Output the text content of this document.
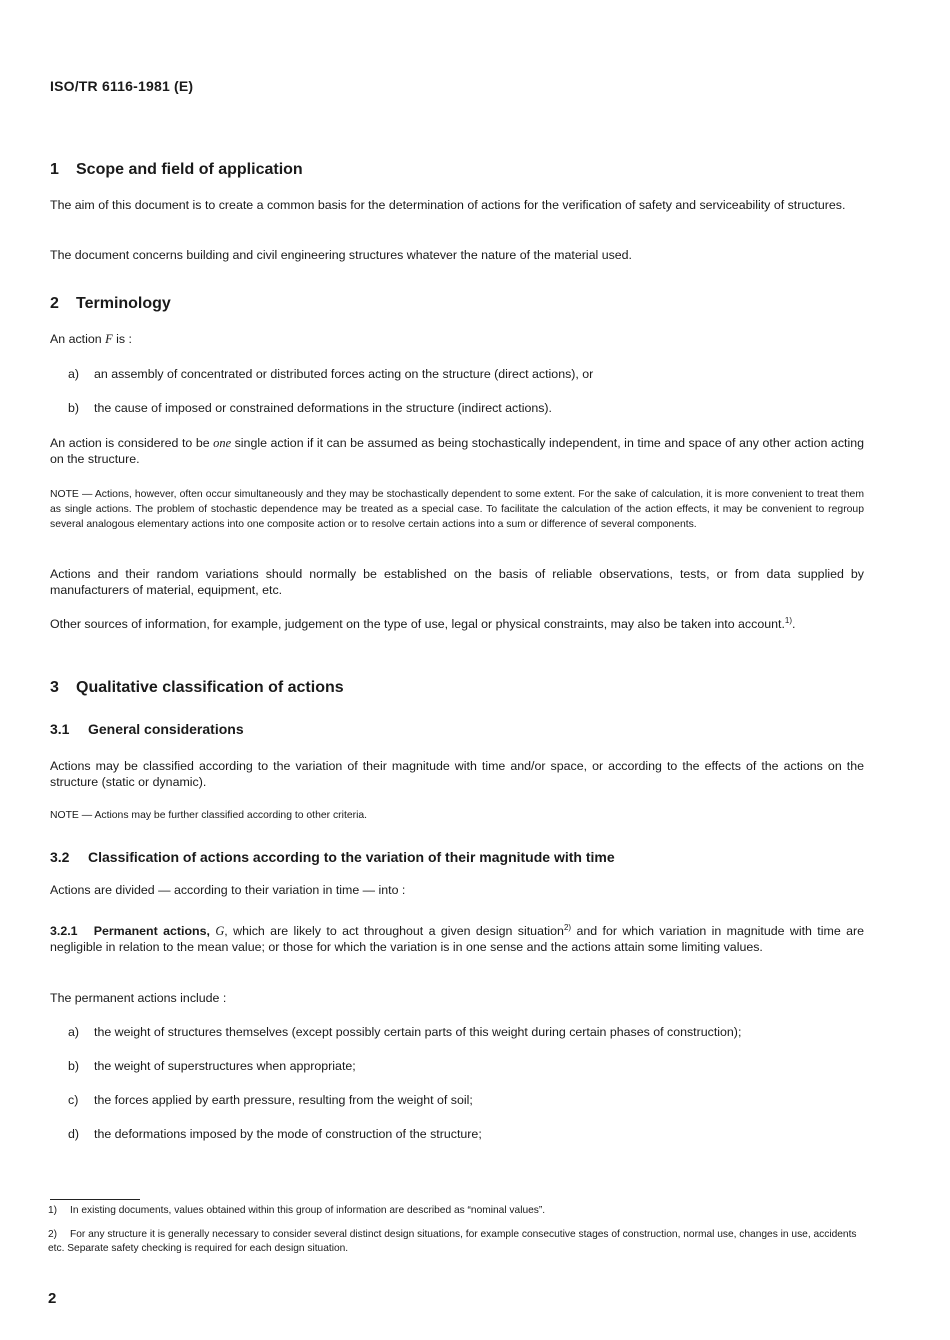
ISO/TR 6116-1981 (E)
1 Scope and field of application
The aim of this document is to create a common basis for the determination of actions for the verification of safety and serviceability of structures.
The document concerns building and civil engineering structures whatever the nature of the material used.
2 Terminology
An action F is :
a) an assembly of concentrated or distributed forces acting on the structure (direct actions), or
b) the cause of imposed or constrained deformations in the structure (indirect actions).
An action is considered to be one single action if it can be assumed as being stochastically independent, in time and space of any other action acting on the structure.
NOTE — Actions, however, often occur simultaneously and they may be stochastically dependent to some extent. For the sake of calculation, it is more convenient to treat them as single actions. The problem of stochastic dependence may be treated as a special case. To facilitate the calculation of the action effects, it may be convenient to regroup several analogous elementary actions into one composite action or to resolve certain actions into a sum or difference of several components.
Actions and their random variations should normally be established on the basis of reliable observations, tests, or from data supplied by manufacturers of material, equipment, etc.
Other sources of information, for example, judgement on the type of use, legal or physical constraints, may also be taken into account.$^{1)}$.
3 Qualitative classification of actions
3.1 General considerations
Actions may be classified according to the variation of their magnitude with time and/or space, or according to the effects of the actions on the structure (static or dynamic).
NOTE — Actions may be further classified according to other criteria.
3.2 Classification of actions according to the variation of their magnitude with time
Actions are divided — according to their variation in time — into :
3.2.1 Permanent actions, G, which are likely to act throughout a given design situation$^{2)}$ and for which variation in magnitude with time are negligible in relation to the mean value; or those for which the variation is in one sense and the actions attain some limiting values.
The permanent actions include :
a) the weight of structures themselves (except possibly certain parts of this weight during certain phases of construction);
b) the weight of superstructures when appropriate;
c) the forces applied by earth pressure, resulting from the weight of soil;
d) the deformations imposed by the mode of construction of the structure;
1) In existing documents, values obtained within this group of information are described as “nominal values”.
2) For any structure it is generally necessary to consider several distinct design situations, for example consecutive stages of construction, normal use, changes in use, accidents etc. Separate safety checking is required for each design situation.
2
